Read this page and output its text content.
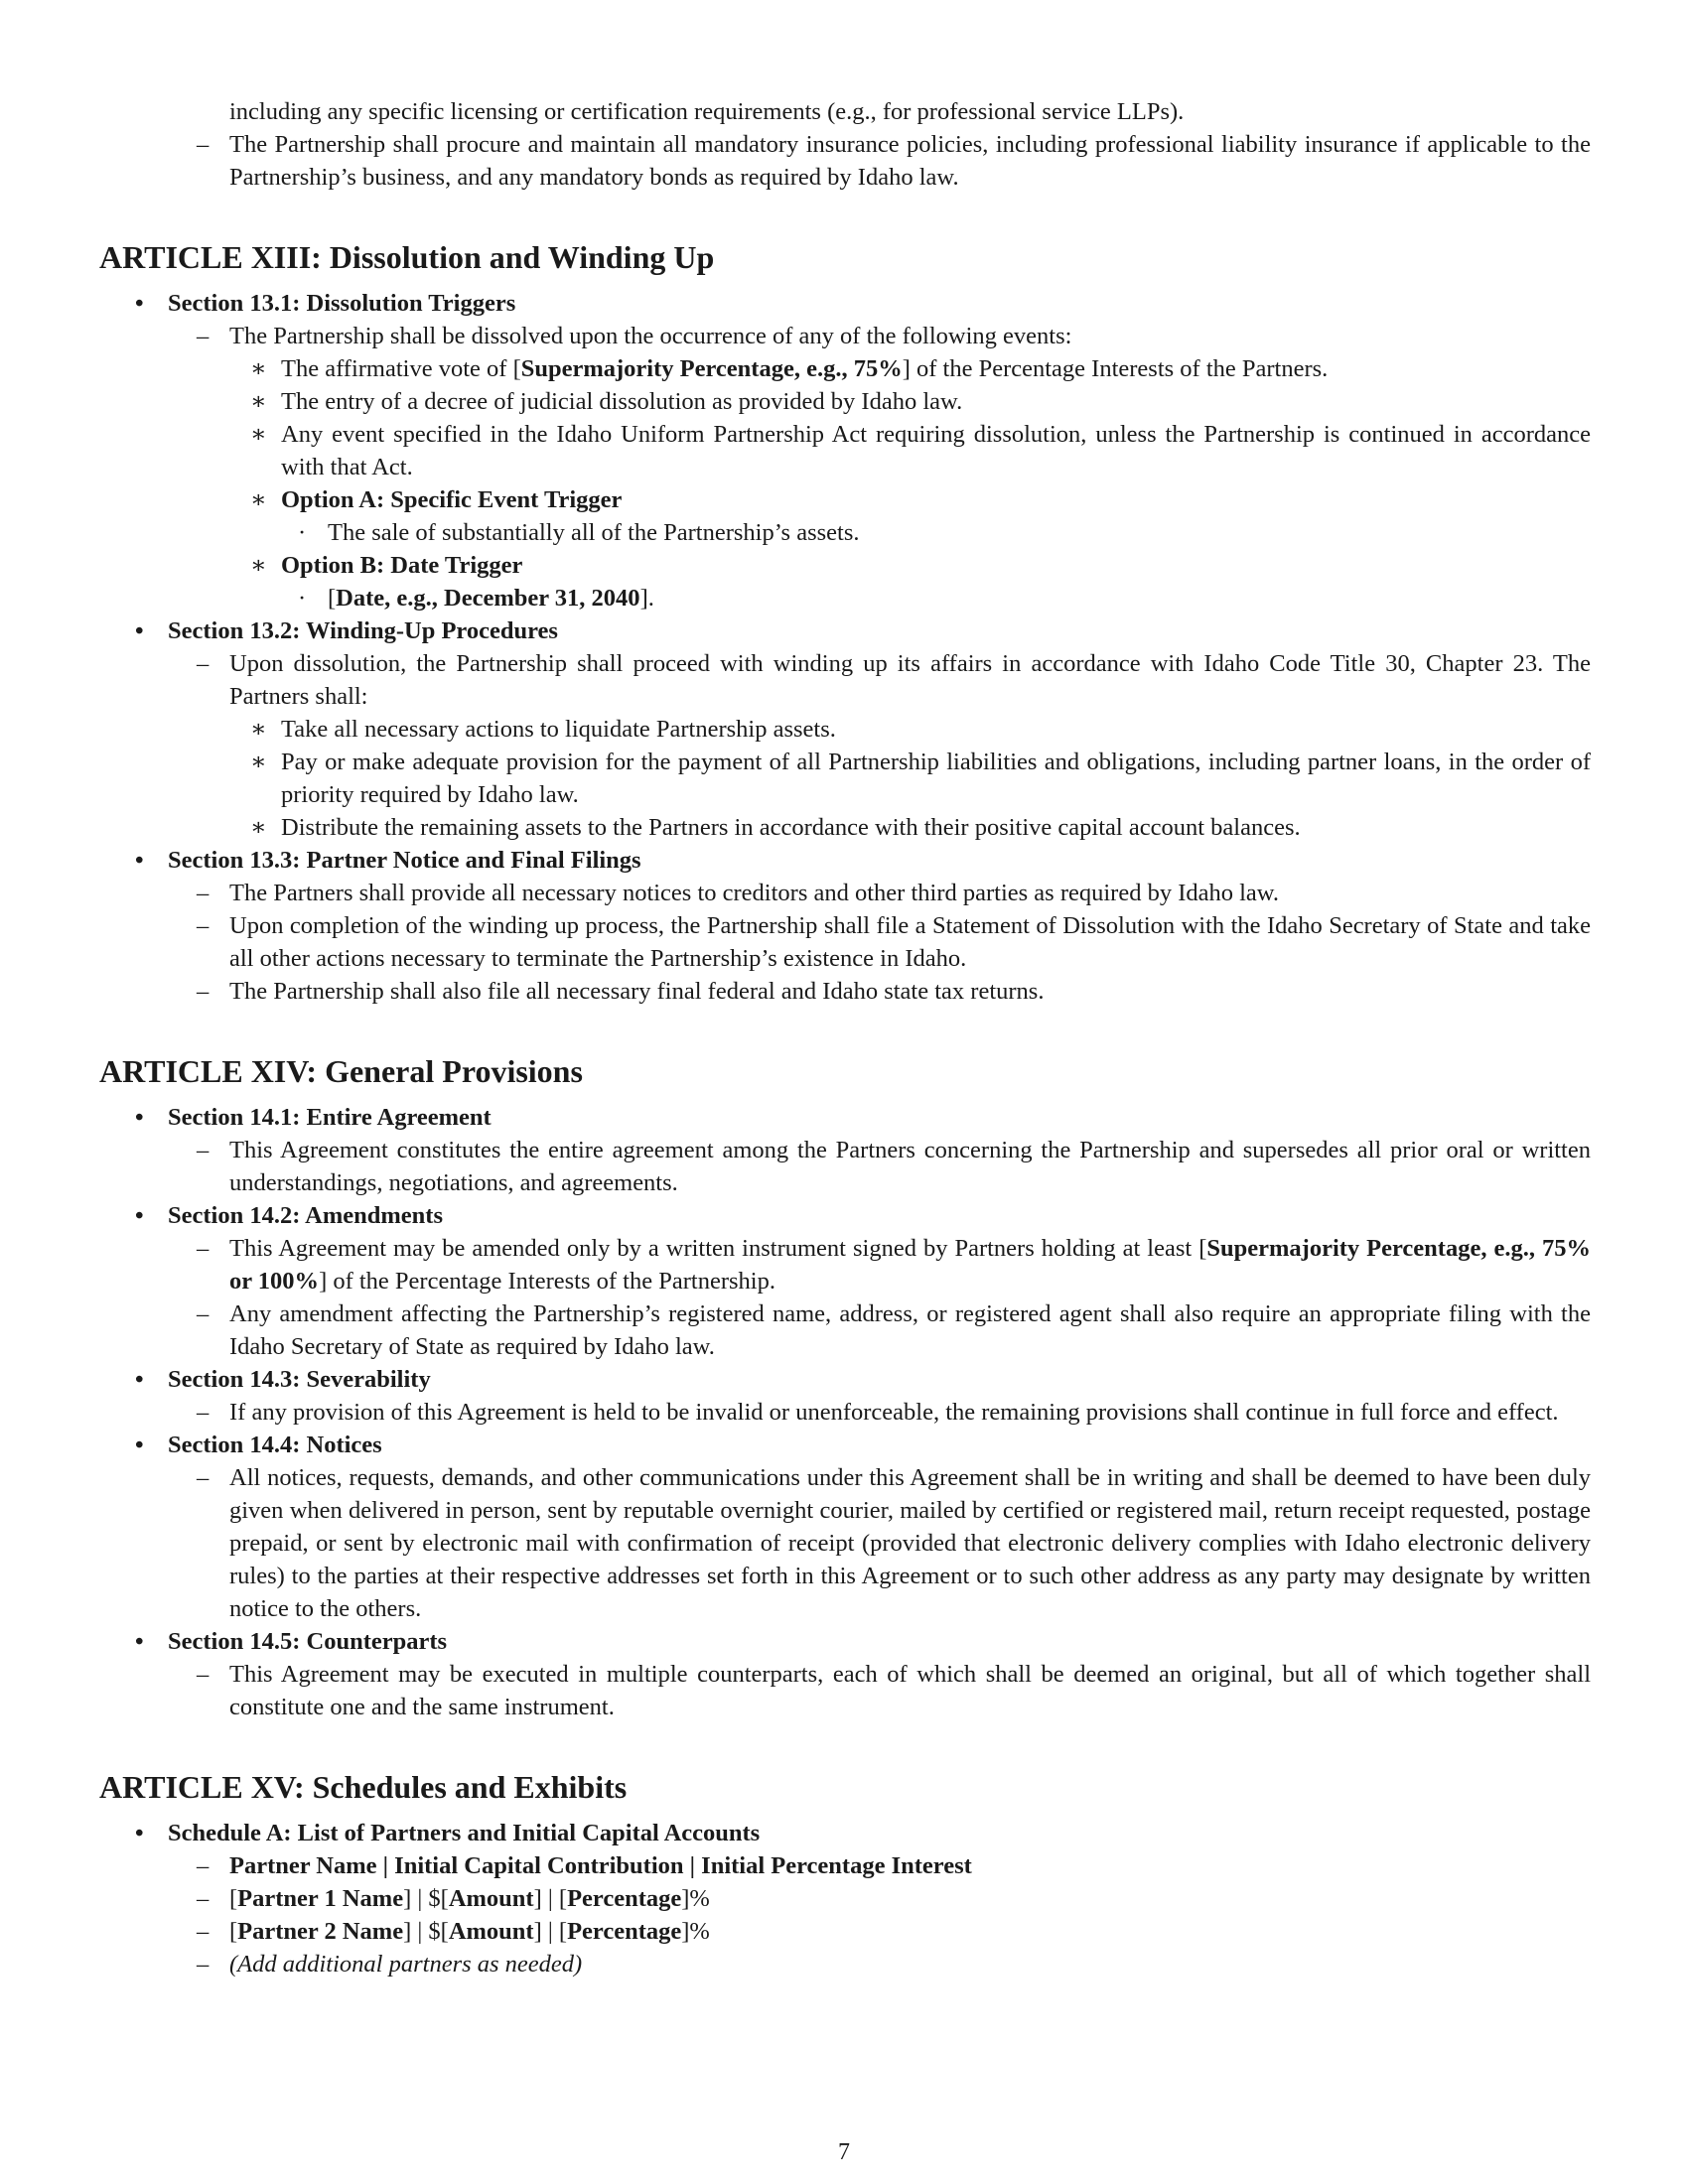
including any specific licensing or certification requirements (e.g., for professional service LLPs).
– The Partnership shall procure and maintain all mandatory insurance policies, including professional liability insurance if applicable to the Partnership’s business, and any mandatory bonds as required by Idaho law.
ARTICLE XIII: Dissolution and Winding Up
• Section 13.1: Dissolution Triggers
– The Partnership shall be dissolved upon the occurrence of any of the following events:
∗ The affirmative vote of [Supermajority Percentage, e.g., 75%] of the Percentage Interests of the Partners.
∗ The entry of a decree of judicial dissolution as provided by Idaho law.
∗ Any event specified in the Idaho Uniform Partnership Act requiring dissolution, unless the Partnership is continued in accordance with that Act.
∗ Option A: Specific Event Trigger
· The sale of substantially all of the Partnership’s assets.
∗ Option B: Date Trigger
· [Date, e.g., December 31, 2040].
• Section 13.2: Winding-Up Procedures
– Upon dissolution, the Partnership shall proceed with winding up its affairs in accordance with Idaho Code Title 30, Chapter 23. The Partners shall:
∗ Take all necessary actions to liquidate Partnership assets.
∗ Pay or make adequate provision for the payment of all Partnership liabilities and obligations, including partner loans, in the order of priority required by Idaho law.
∗ Distribute the remaining assets to the Partners in accordance with their positive capital account balances.
• Section 13.3: Partner Notice and Final Filings
– The Partners shall provide all necessary notices to creditors and other third parties as required by Idaho law.
– Upon completion of the winding up process, the Partnership shall file a Statement of Dissolution with the Idaho Secretary of State and take all other actions necessary to terminate the Partnership’s existence in Idaho.
– The Partnership shall also file all necessary final federal and Idaho state tax returns.
ARTICLE XIV: General Provisions
• Section 14.1: Entire Agreement
– This Agreement constitutes the entire agreement among the Partners concerning the Partnership and supersedes all prior oral or written understandings, negotiations, and agreements.
• Section 14.2: Amendments
– This Agreement may be amended only by a written instrument signed by Partners holding at least [Supermajority Percentage, e.g., 75% or 100%] of the Percentage Interests of the Partnership.
– Any amendment affecting the Partnership’s registered name, address, or registered agent shall also require an appropriate filing with the Idaho Secretary of State as required by Idaho law.
• Section 14.3: Severability
– If any provision of this Agreement is held to be invalid or unenforceable, the remaining provisions shall continue in full force and effect.
• Section 14.4: Notices
– All notices, requests, demands, and other communications under this Agreement shall be in writing and shall be deemed to have been duly given when delivered in person, sent by reputable overnight courier, mailed by certified or registered mail, return receipt requested, postage prepaid, or sent by electronic mail with confirmation of receipt (provided that electronic delivery complies with Idaho electronic delivery rules) to the parties at their respective addresses set forth in this Agreement or to such other address as any party may designate by written notice to the others.
• Section 14.5: Counterparts
– This Agreement may be executed in multiple counterparts, each of which shall be deemed an original, but all of which together shall constitute one and the same instrument.
ARTICLE XV: Schedules and Exhibits
• Schedule A: List of Partners and Initial Capital Accounts
– Partner Name | Initial Capital Contribution | Initial Percentage Interest
– [Partner 1 Name] | $[Amount] | [Percentage]%
– [Partner 2 Name] | $[Amount] | [Percentage]%
– (Add additional partners as needed)
7
